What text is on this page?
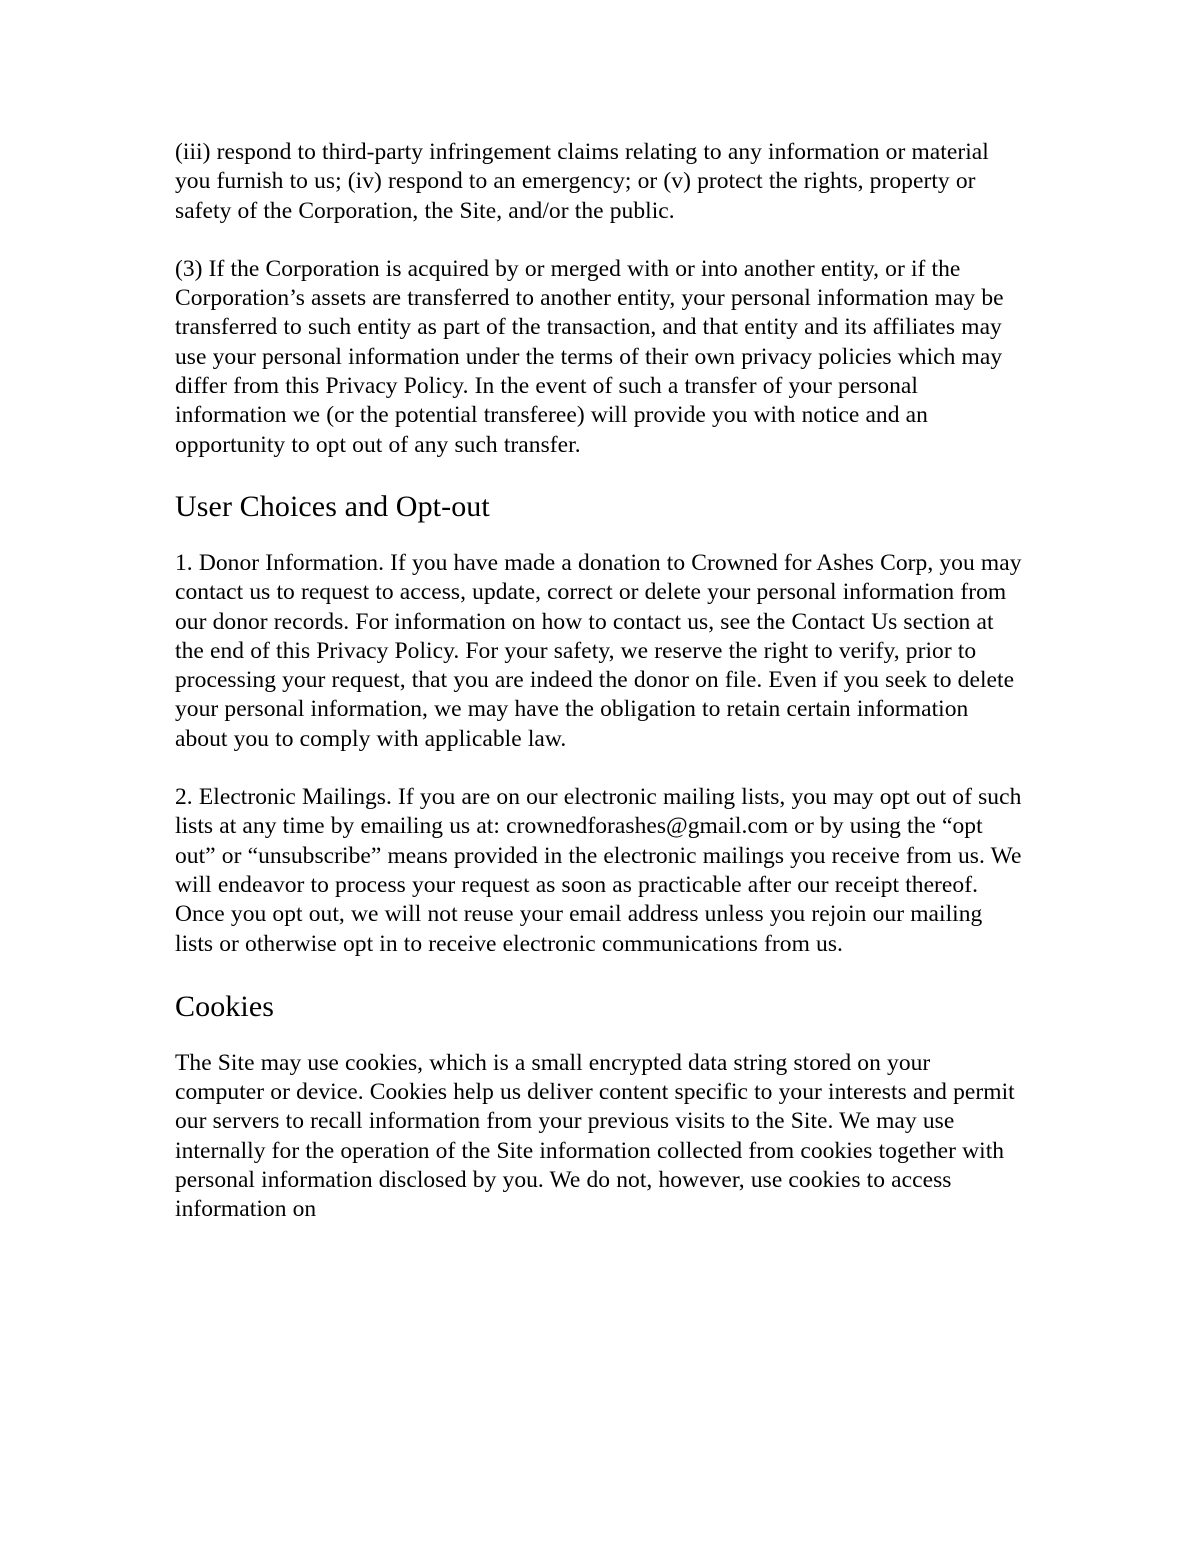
(iii) respond to third-party infringement claims relating to any information or material you furnish to us; (iv) respond to an emergency; or (v) protect the rights, property or safety of the Corporation, the Site, and/or the public.

(3) If the Corporation is acquired by or merged with or into another entity, or if the Corporation’s assets are transferred to another entity, your personal information may be transferred to such entity as part of the transaction, and that entity and its affiliates may use your personal information under the terms of their own privacy policies which may differ from this Privacy Policy. In the event of such a transfer of your personal information we (or the potential transferee) will provide you with notice and an opportunity to opt out of any such transfer.

User Choices and Opt-out

1. Donor Information. If you have made a donation to Crowned for Ashes Corp, you may contact us to request to access, update, correct or delete your personal information from our donor records. For information on how to contact us, see the Contact Us section at the end of this Privacy Policy. For your safety, we reserve the right to verify, prior to processing your request, that you are indeed the donor on file. Even if you seek to delete your personal information, we may have the obligation to retain certain information about you to comply with applicable law.

2. Electronic Mailings. If you are on our electronic mailing lists, you may opt out of such lists at any time by emailing us at: crownedforashes@gmail.com or by using the “opt out” or “unsubscribe” means provided in the electronic mailings you receive from us. We will endeavor to process your request as soon as practicable after our receipt thereof. Once you opt out, we will not reuse your email address unless you rejoin our mailing lists or otherwise opt in to receive electronic communications from us.

Cookies

The Site may use cookies, which is a small encrypted data string stored on your computer or device. Cookies help us deliver content specific to your interests and permit our servers to recall information from your previous visits to the Site. We may use internally for the operation of the Site information collected from cookies together with personal information disclosed by you. We do not, however, use cookies to access information on
